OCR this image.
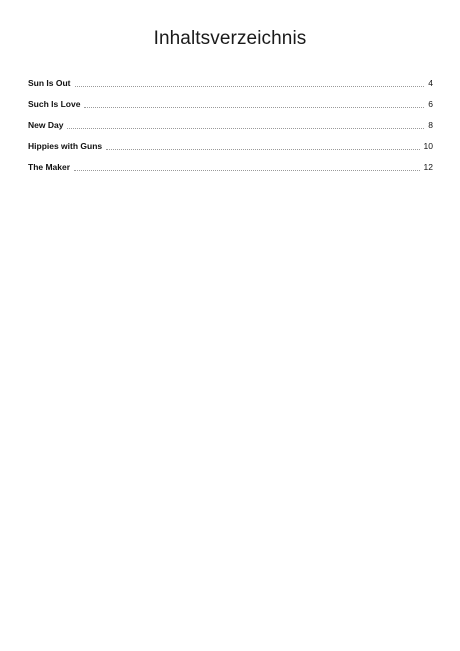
Inhaltsverzeichnis
Sun Is Out	4
Such Is Love	6
New Day	8
Hippies with Guns	10
The Maker	12
